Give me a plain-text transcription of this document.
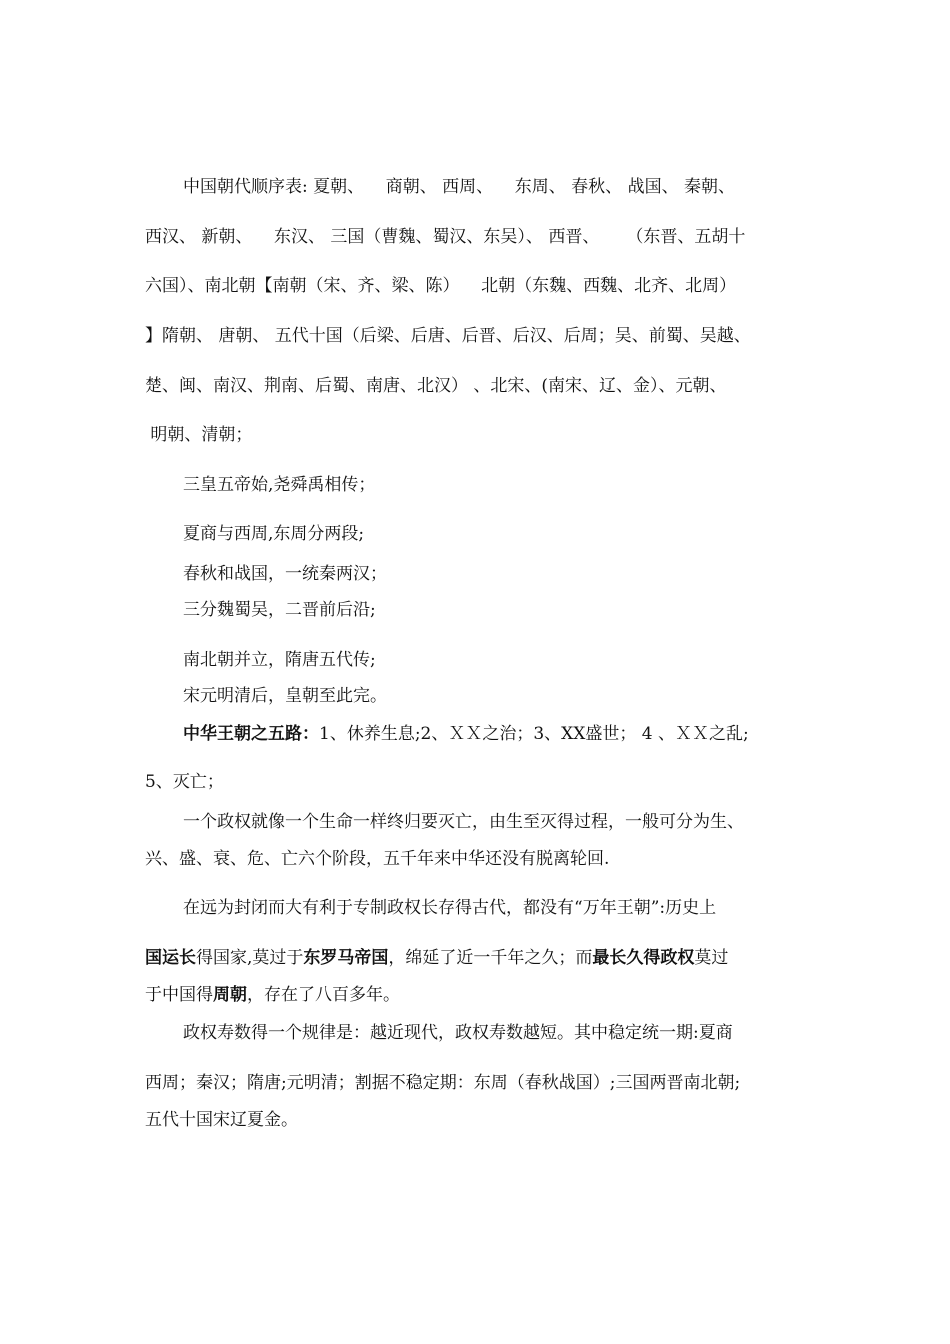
中国朝代顺序表: 夏朝、    商朝、 西周、    东周、 春秋、 战国、 秦朝、
西汉、 新朝、    东汉、 三国（曹魏、蜀汉、东吴）、 西晋、     （东晋、五胡十
六国）、南北朝【南朝（宋、齐、梁、陈）    北朝（东魏、西魏、北齐、北周）
】隋朝、 唐朝、 五代十国（后梁、后唐、后晋、后汉、后周；吴、前蜀、吴越、
楚、闽、南汉、荆南、后蜀、南唐、北汉） 、北宋、(南宋、辽、金）、元朝、
明朝、清朝；
三皇五帝始,尧舜禹相传；
夏商与西周,东周分两段;
春秋和战国，一统秦两汉；
三分魏蜀吴，二晋前后沿;
南北朝并立，隋唐五代传;
宋元明清后，皇朝至此完。
中华王朝之五路：1、休养生息;2、ＸＸ之治；3、XX盛世； 4 、ＸＸ之乱;
5、灭亡；
一个政权就像一个生命一样终归要灭亡，由生至灭得过程，一般可分为生、
兴、盛、衰、危、亡六个阶段，五千年来中华还没有脱离轮回.
在远为封闭而大有利于专制政权长存得古代，都没有“万年王朝”:历史上
国运长得国家,莫过于东罗马帝国，绵延了近一千年之久；而最长久得政权莫过
于中国得周朝，存在了八百多年。
政权寿数得一个规律是：越近现代，政权寿数越短。其中稳定统一期:夏商
西周；秦汉；隋唐;元明清；割据不稳定期：东周（春秋战国）;三国两晋南北朝;
五代十国宋辽夏金。
